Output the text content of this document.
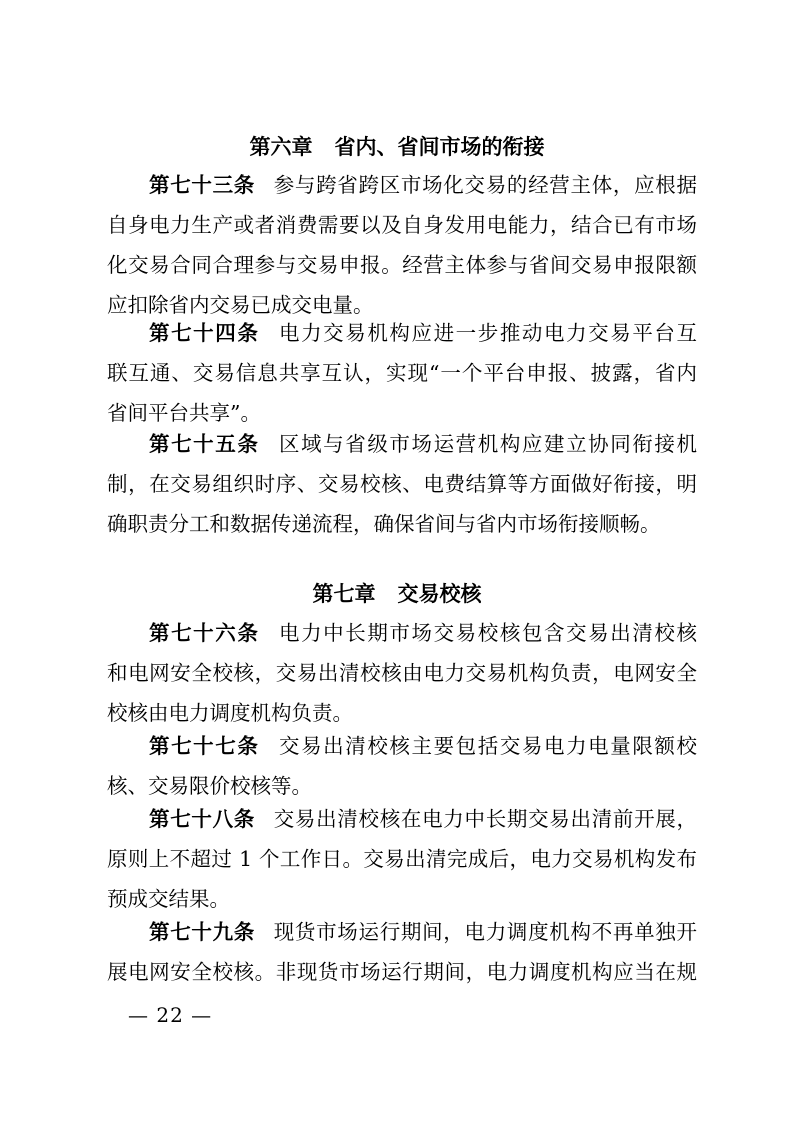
第六章 省内、省间市场的衔接
第七十三条 参与跨省跨区市场化交易的经营主体，应根据
自身电力生产或者消费需要以及自身发用电能力，结合已有市场
化交易合同合理参与交易申报。经营主体参与省间交易申报限额
应扣除省内交易已成交电量。
第七十四条 电力交易机构应进一步推动电力交易平台互
联互通、交易信息共享互认，实现“一个平台申报、披露，省内
省间平台共享”。
第七十五条 区域与省级市场运营机构应建立协同衔接机
制，在交易组织时序、交易校核、电费结算等方面做好衔接，明
确职责分工和数据传递流程，确保省间与省内市场衔接顺畅。
第七章 交易校核
第七十六条 电力中长期市场交易校核包含交易出清校核
和电网安全校核，交易出清校核由电力交易机构负责，电网安全
校核由电力调度机构负责。
第七十七条 交易出清校核主要包括交易电力电量限额校
核、交易限价校核等。
第七十八条 交易出清校核在电力中长期交易出清前开展，
原则上不超过 1 个工作日。交易出清完成后，电力交易机构发布
预成交结果。
第七十九条 现货市场运行期间，电力调度机构不再单独开
展电网安全校核。非现货市场运行期间，电力调度机构应当在规
— 22 —
